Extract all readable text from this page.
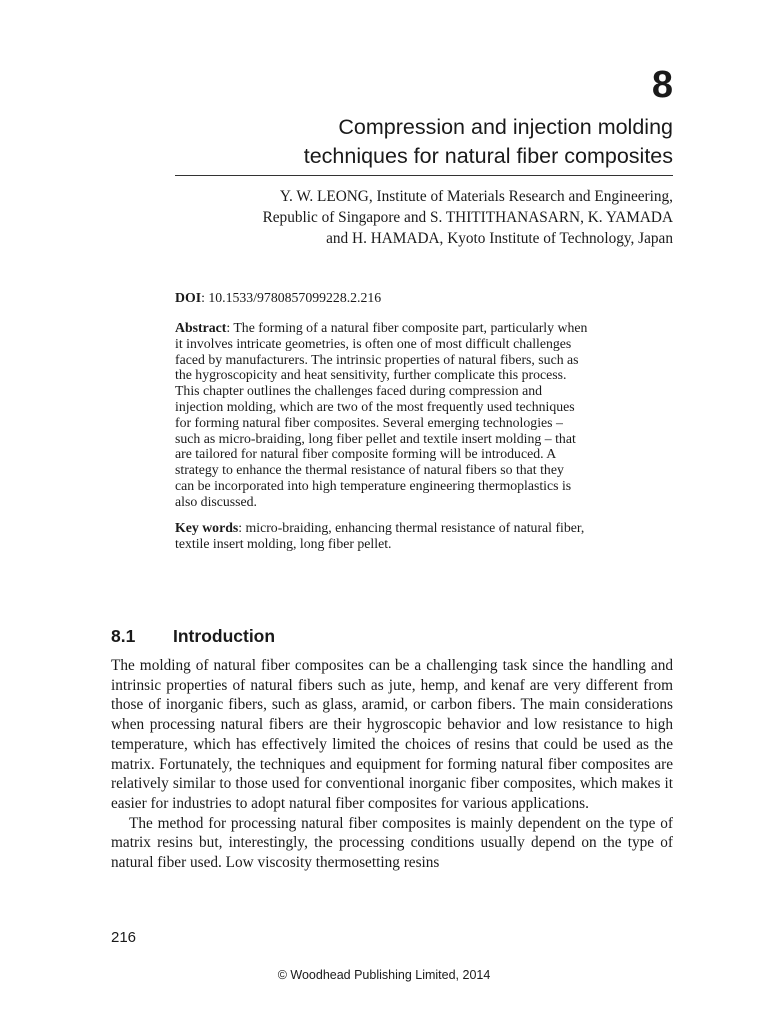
8
Compression and injection molding
techniques for natural fiber composites

Y. W. LEONG, Institute of Materials Research and Engineering,
Republic of Singapore and S. THITITHANASARN, K. YAMADA
and H. HAMADA, Kyoto Institute of Technology, Japan

DOI: 10.1533/9780857099228.2.216

Abstract: The forming of a natural fiber composite part, particularly when
it involves intricate geometries, is often one of most difficult challenges
faced by manufacturers. The intrinsic properties of natural fibers, such as
the hygroscopicity and heat sensitivity, further complicate this process.
This chapter outlines the challenges faced during compression and
injection molding, which are two of the most frequently used techniques
for forming natural fiber composites. Several emerging technologies –
such as micro-braiding, long fiber pellet and textile insert molding – that
are tailored for natural fiber composite forming will be introduced. A
strategy to enhance the thermal resistance of natural fibers so that they
can be incorporated into high temperature engineering thermoplastics is
also discussed.

Key words: micro-braiding, enhancing thermal resistance of natural fiber,
textile insert molding, long fiber pellet.

8.1 Introduction

The molding of natural fiber composites can be a challenging task since the handling and intrinsic properties of natural fibers such as jute, hemp, and kenaf are very different from those of inorganic fibers, such as glass, aramid, or carbon fibers. The main considerations when processing natural fibers are their hygroscopic behavior and low resistance to high temperature, which has effectively limited the choices of resins that could be used as the matrix. Fortunately, the techniques and equipment for forming natural fiber composites are relatively similar to those used for conventional inorganic fiber composites, which makes it easier for industries to adopt natural fiber composites for various applications.

The method for processing natural fiber composites is mainly dependent on the type of matrix resins but, interestingly, the processing conditions usually depend on the type of natural fiber used. Low viscosity thermosetting resins

216
© Woodhead Publishing Limited, 2014
